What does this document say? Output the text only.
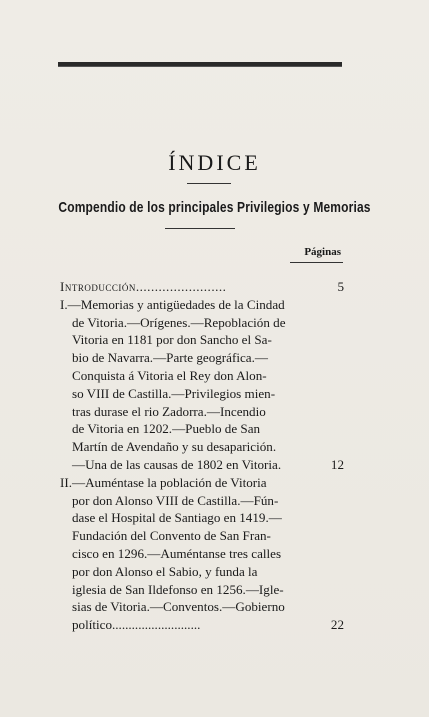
ÍNDICE
Compendio de los principales Privilegios y Memorias
Páginas
Introducción........................	5
I.—Memorias y antigüedades de la Cindad
de Vitoria.—Orígenes.—Repoblación de
Vitoria en 1181 por don Sancho el Sa-
bio de Navarra.—Parte geográfica.—
Conquista á Vitoria el Rey don Alon-
so VIII de Castilla.—Privilegios mien-
tras durase el rio Zadorra.—Incendio
de Vitoria en 1202.—Pueblo de San
Martín de Avendaño y su desaparición.
—Una de las causas de 1802 en Vitoria.	12
II.—Auméntase la población de Vitoria
por don Alonso VIII de Castilla.—Fún-
dase el Hospital de Santiago en 1419.—
Fundación del Convento de San Fran-
cisco en 1296.—Auméntanse tres calles
por don Alonso el Sabio, y funda la
iglesia de San Ildefonso en 1256.—Igle-
sias de Vitoria.—Conventos.—Gobierno
político...........................	22
